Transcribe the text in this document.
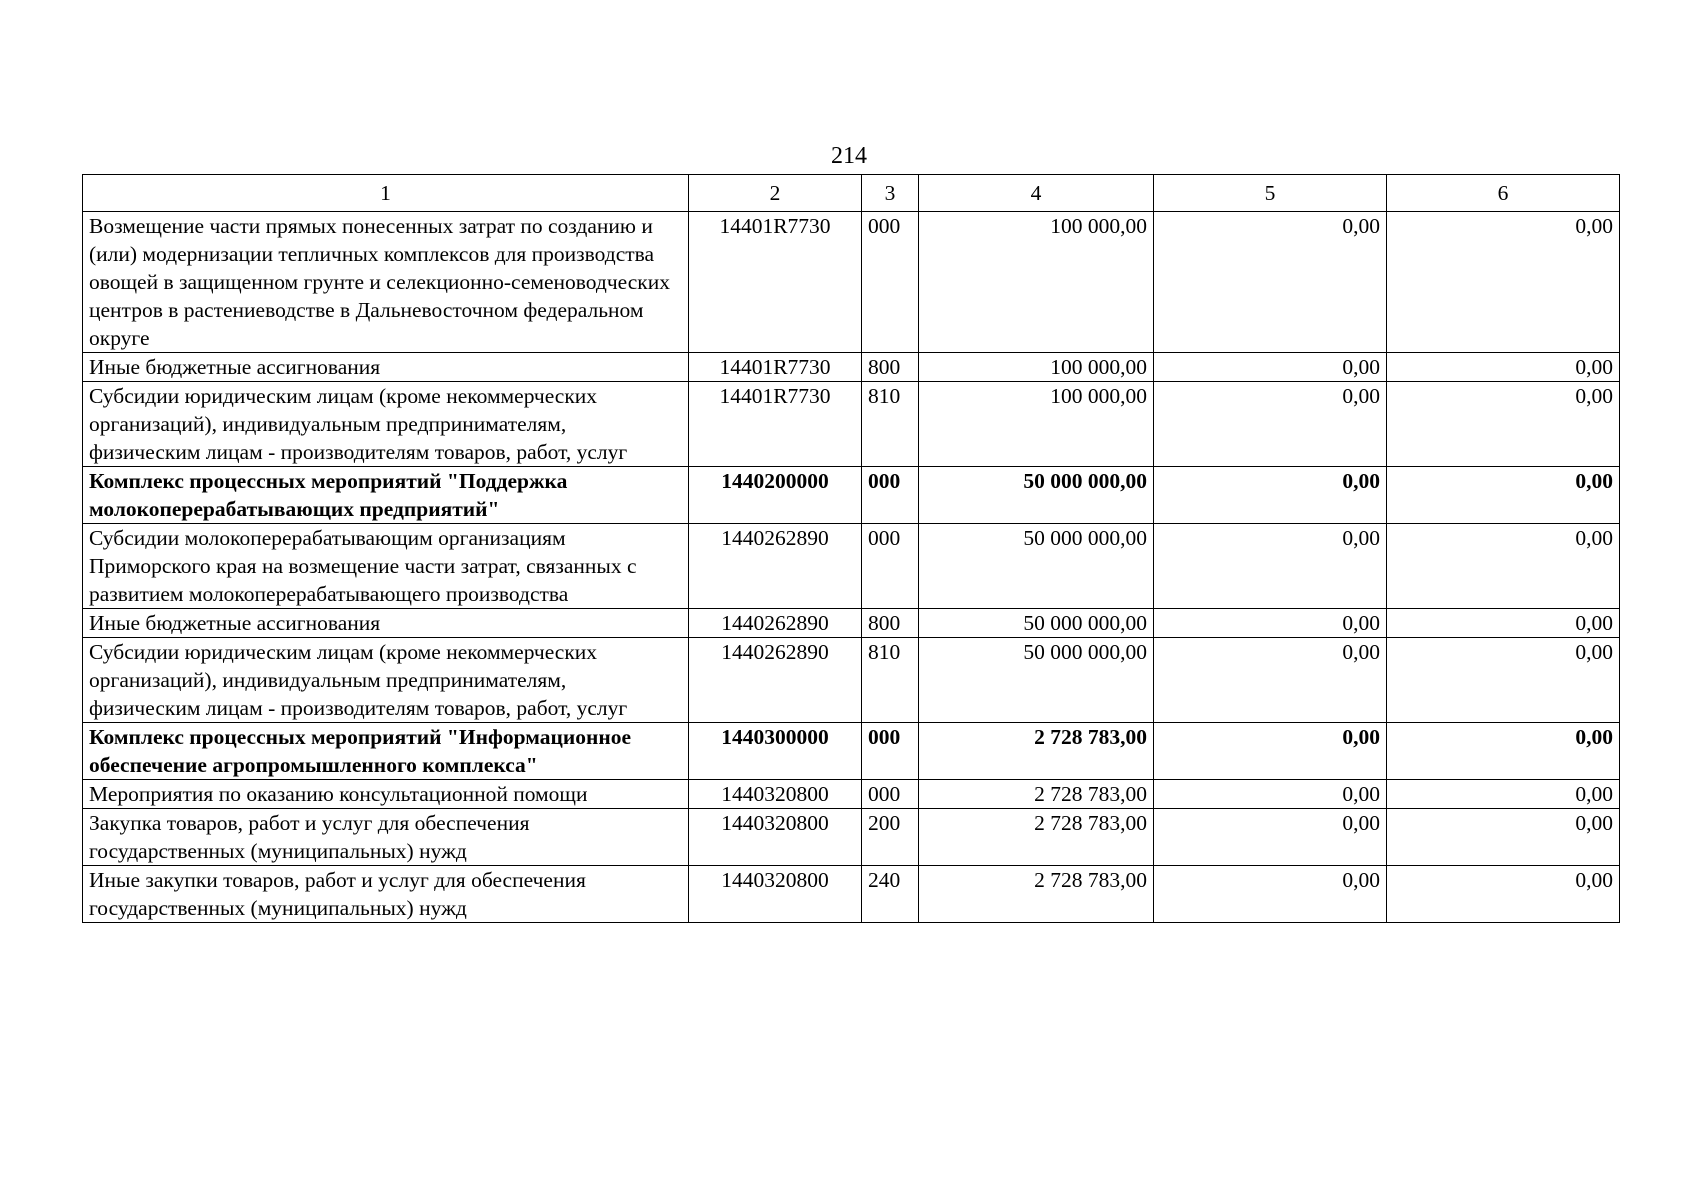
214
1	2	3	4	5	6
Возмещение части прямых понесенных затрат по созданию и (или) модернизации тепличных комплексов для производства овощей в защищенном грунте и селекционно-семеноводческих центров в растениеводстве в Дальневосточном федеральном округе	14401R7730	000	100 000,00	0,00	0,00
Иные бюджетные ассигнования	14401R7730	800	100 000,00	0,00	0,00
Субсидии юридическим лицам (кроме некоммерческих организаций), индивидуальным предпринимателям, физическим лицам - производителям товаров, работ, услуг	14401R7730	810	100 000,00	0,00	0,00
Комплекс процессных мероприятий "Поддержка молокоперерабатывающих предприятий"	1440200000	000	50 000 000,00	0,00	0,00
Субсидии молокоперерабатывающим организациям Приморского края на возмещение части затрат, связанных с развитием молокоперерабатывающего производства	1440262890	000	50 000 000,00	0,00	0,00
Иные бюджетные ассигнования	1440262890	800	50 000 000,00	0,00	0,00
Субсидии юридическим лицам (кроме некоммерческих организаций), индивидуальным предпринимателям, физическим лицам - производителям товаров, работ, услуг	1440262890	810	50 000 000,00	0,00	0,00
Комплекс процессных мероприятий "Информационное обеспечение агропромышленного комплекса"	1440300000	000	2 728 783,00	0,00	0,00
Мероприятия по оказанию консультационной помощи	1440320800	000	2 728 783,00	0,00	0,00
Закупка товаров, работ и услуг для обеспечения государственных (муниципальных) нужд	1440320800	200	2 728 783,00	0,00	0,00
Иные закупки товаров, работ и услуг для обеспечения государственных (муниципальных) нужд	1440320800	240	2 728 783,00	0,00	0,00
